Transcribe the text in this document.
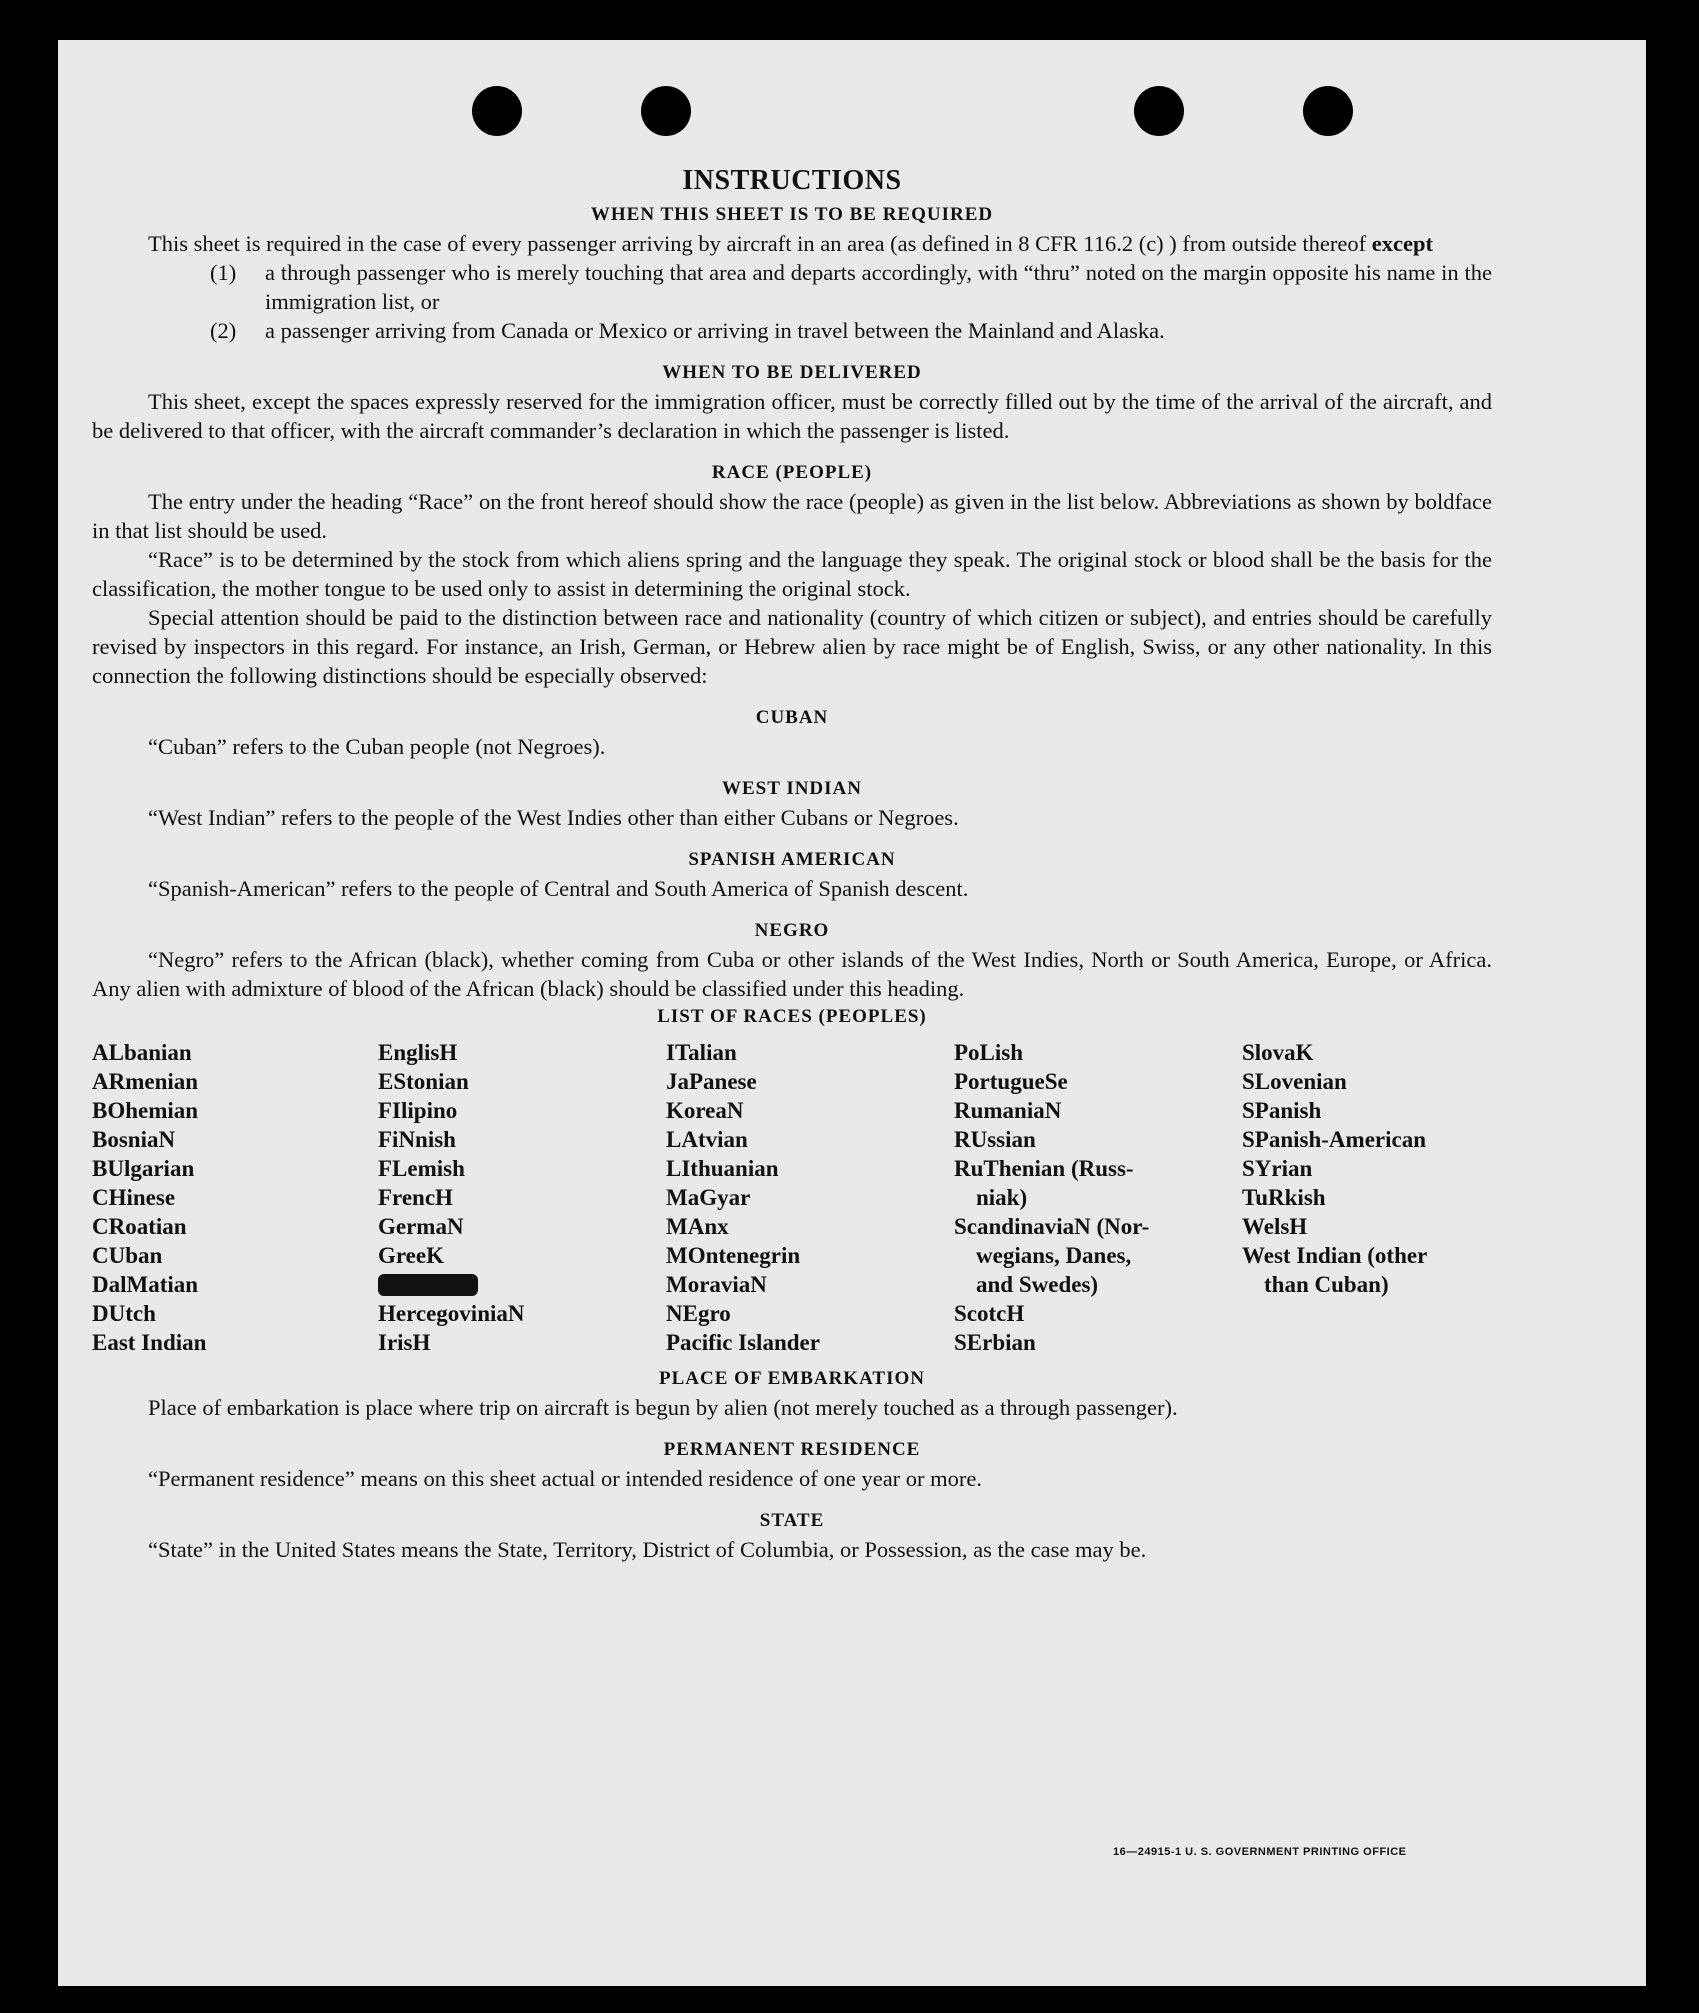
INSTRUCTIONS
WHEN THIS SHEET IS TO BE REQUIRED

This sheet is required in the case of every passenger arriving by aircraft in an area (as defined in 8 CFR 116.2 (c) ) from outside thereof except

(1)	a through passenger who is merely touching that area and departs accordingly, with “thru” noted on the margin opposite his name in the immigration list, or
(2)	a passenger arriving from Canada or Mexico or arriving in travel between the Mainland and Alaska.
WHEN TO BE DELIVERED

This sheet, except the spaces expressly reserved for the immigration officer, must be correctly filled out by the time of the arrival of the aircraft, and be delivered to that officer, with the aircraft commander’s declaration in which the passenger is listed.

RACE (PEOPLE)

The entry under the heading “Race” on the front hereof should show the race (people) as given in the list below. Abbreviations as shown by boldface in that list should be used.

“Race” is to be determined by the stock from which aliens spring and the language they speak. The original stock or blood shall be the basis for the classification, the mother tongue to be used only to assist in determining the original stock.

Special attention should be paid to the distinction between race and nationality (country of which citizen or subject), and entries should be carefully revised by inspectors in this regard. For instance, an Irish, German, or Hebrew alien by race might be of English, Swiss, or any other nationality. In this connection the following distinctions should be especially observed:

CUBAN

“Cuban” refers to the Cuban people (not Negroes).

WEST INDIAN

“West Indian” refers to the people of the West Indies other than either Cubans or Negroes.

SPANISH AMERICAN

“Spanish-American” refers to the people of Central and South America of Spanish descent.

NEGRO

“Negro” refers to the African (black), whether coming from Cuba or other islands of the West Indies, North or South America, Europe, or Africa. Any alien with admixture of blood of the African (black) should be classified under this heading.

LIST OF RACES (PEOPLES)
ALbanian
ARmenian
BOhemian
BosniaN
BUlgarian
CHinese
CRoatian
CUban
DalMatian
DUtch
East Indian
EnglisH
EStonian
FIlipino
FiNnish
FLemish
FrencH
GermaN
GreeK
HercegoviniaN
IrisH
ITalian
JaPanese
KoreaN
LAtvian
LIthuanian
MaGyar
MAnx
MOntenegrin
MoraviaN
NEgro
Pacific Islander
PoLish
PortugueSe
RumaniaN
RUssian
RuThenian (Russ-
niak)
ScandinaviaN (Nor-
wegians, Danes,
and Swedes)
ScotcH
SErbian
SlovaK
SLovenian
SPanish
SPanish-American
SYrian
TuRkish
WelsH
West Indian (other
than Cuban)
PLACE OF EMBARKATION

Place of embarkation is place where trip on aircraft is begun by alien (not merely touched as a through passenger).

PERMANENT RESIDENCE

“Permanent residence” means on this sheet actual or intended residence of one year or more.

STATE

“State” in the United States means the State, Territory, District of Columbia, or Possession, as the case may be.

16—24915-1 U. S. GOVERNMENT PRINTING OFFICE
